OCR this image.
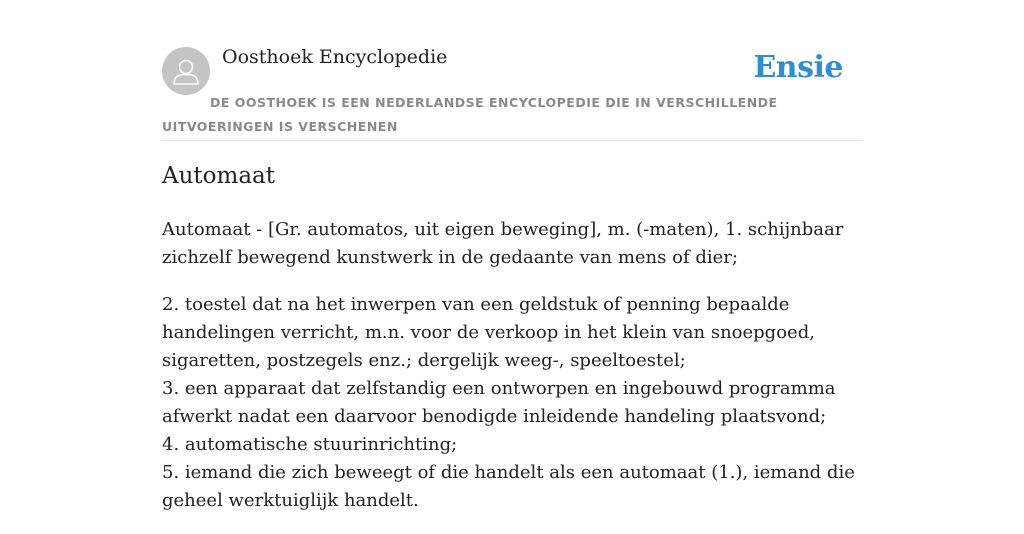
Oosthoek Encyclopedie	Ensie
DE OOSTHOEK IS EEN NEDERLANDSE ENCYCLOPEDIE DIE IN VERSCHILLENDE UITVOERINGEN IS VERSCHENEN
Automaat

Automaat - [Gr. automatos, uit eigen beweging], m. (-maten), 1. schijnbaar zichzelf bewegend kunstwerk in de gedaante van mens of dier;

2. toestel dat na het inwerpen van een geldstuk of penning bepaalde handelingen verricht, m.n. voor de verkoop in het klein van snoepgoed, sigaretten, postzegels enz.; dergelijk weeg-, speeltoestel;
3. een apparaat dat zelfstandig een ontworpen en ingebouwd programma afwerkt nadat een daarvoor benodigde inleidende handeling plaatsvond;
4. automatische stuurinrichting;
5. iemand die zich beweegt of die handelt als een automaat (1.), iemand die geheel werktuiglijk handelt.
